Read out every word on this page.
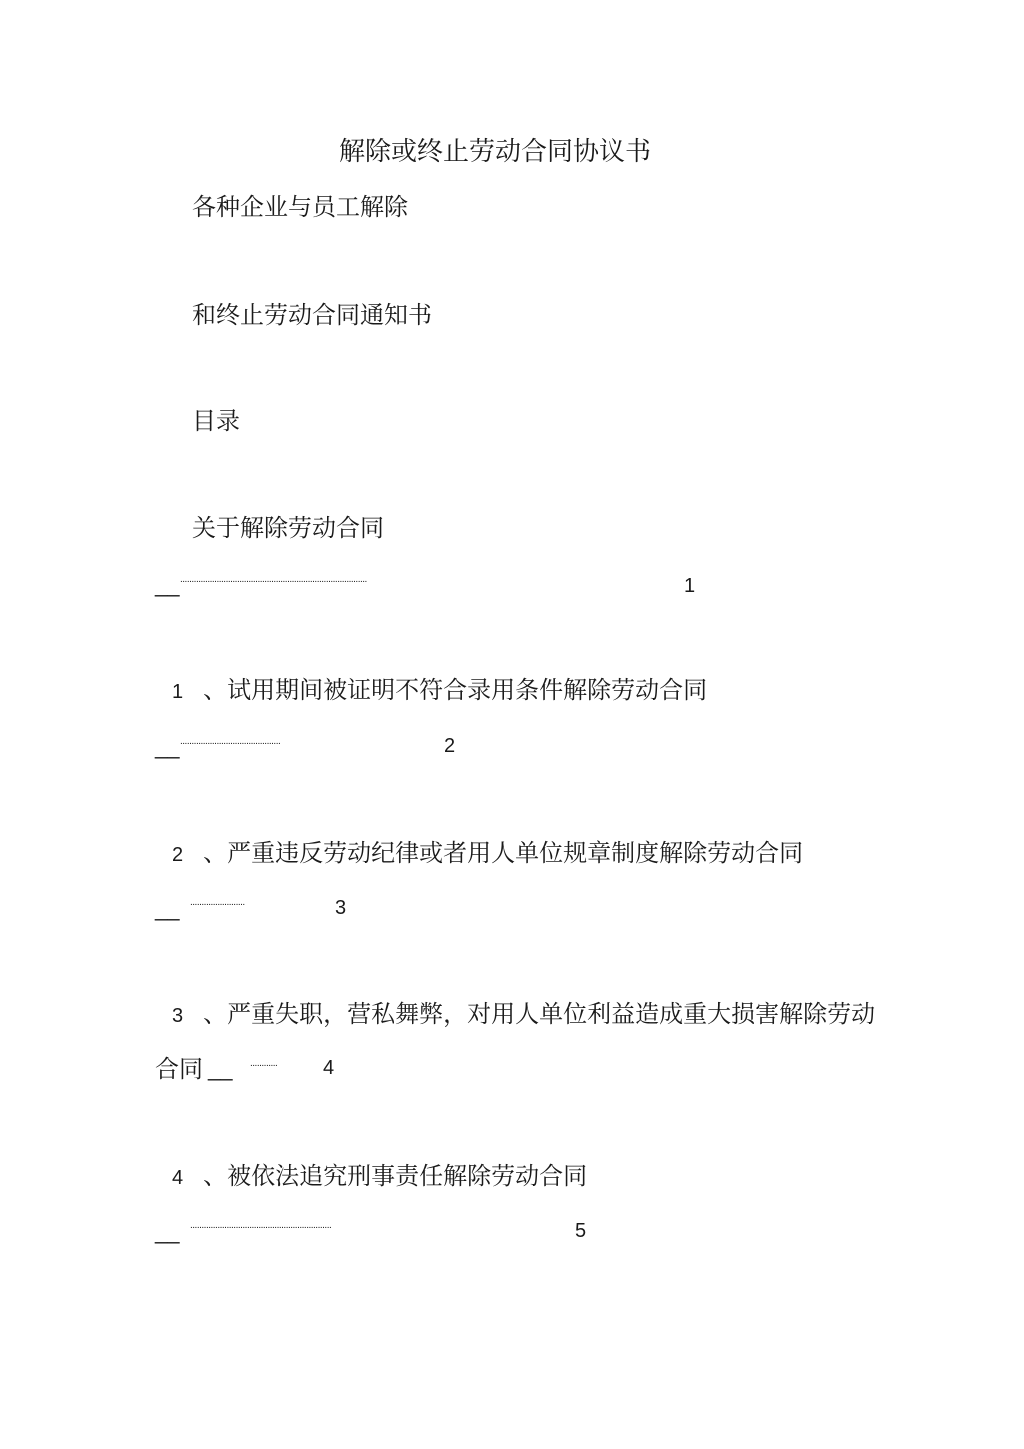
解除或终止劳动合同协议书
各种企业与员工解除
和终止劳动合同通知书
目录
关于解除劳动合同
__ ..................................................................................	1
1 、试用期间被证明不符合录用条件解除劳动合同
__ ............................................	2
2 、严重违反劳动纪律或者用人单位规章制度解除劳动合同
__ ........................	3
3 、严重失职，营私舞弊，对用人单位利益造成重大损害解除劳动
合同 __ ............	4
4 、被依法追究刑事责任解除劳动合同
__ ..............................................................	5
